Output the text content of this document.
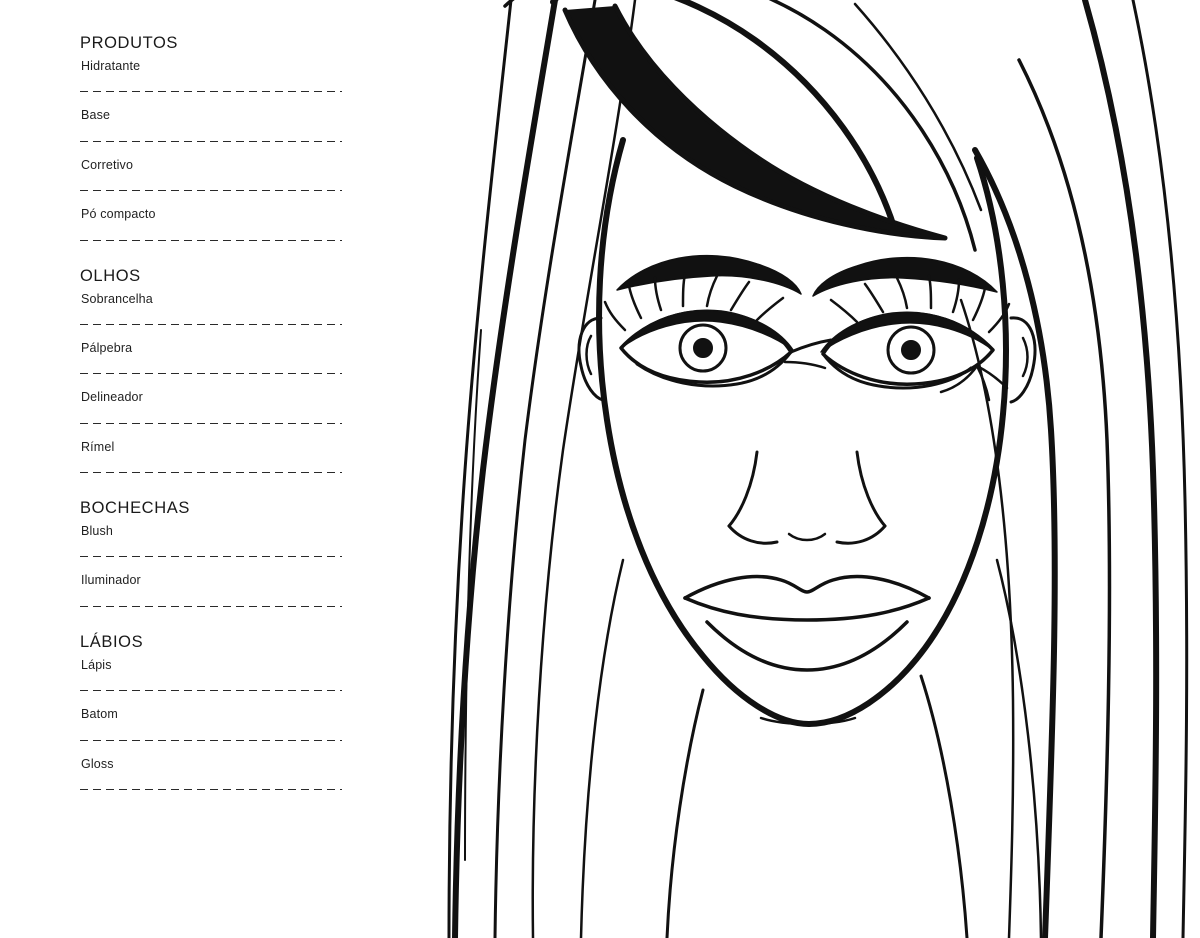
PRODUTOS
Hidratante
Base
Corretivo
Pó compacto
OLHOS
Sobrancelha
Pálpebra
Delineador
Rímel
BOCHECHAS
Blush
Iluminador
LÁBIOS
Lápis
Batom
Gloss
